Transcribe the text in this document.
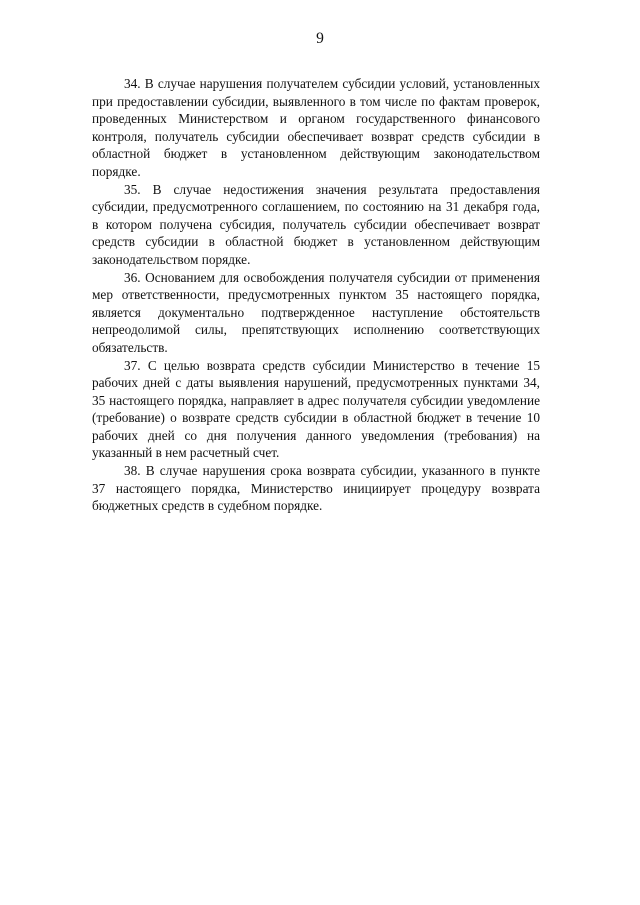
9

34. В случае нарушения получателем субсидии условий, установленных при предоставлении субсидии, выявленного в том числе по фактам проверок, проведенных Министерством и органом государственного финансового контроля, получатель субсидии обеспечивает возврат средств субсидии в областной бюджет в установленном действующим законодательством порядке.

35. В случае недостижения значения результата предоставления субсидии, предусмотренного соглашением, по состоянию на 31 декабря года, в котором получена субсидия, получатель субсидии обеспечивает возврат средств субсидии в областной бюджет в установленном действующим законодательством порядке.

36. Основанием для освобождения получателя субсидии от применения мер ответственности, предусмотренных пунктом 35 настоящего порядка, является документально подтвержденное наступление обстоятельств непреодолимой силы, препятствующих исполнению соответствующих обязательств.

37. С целью возврата средств субсидии Министерство в течение 15 рабочих дней с даты выявления нарушений, предусмотренных пунктами 34, 35 настоящего порядка, направляет в адрес получателя субсидии уведомление (требование) о возврате средств субсидии в областной бюджет в течение 10 рабочих дней со дня получения данного уведомления (требования) на указанный в нем расчетный счет.

38. В случае нарушения срока возврата субсидии, указанного в пункте 37 настоящего порядка, Министерство инициирует процедуру возврата бюджетных средств в судебном порядке.
